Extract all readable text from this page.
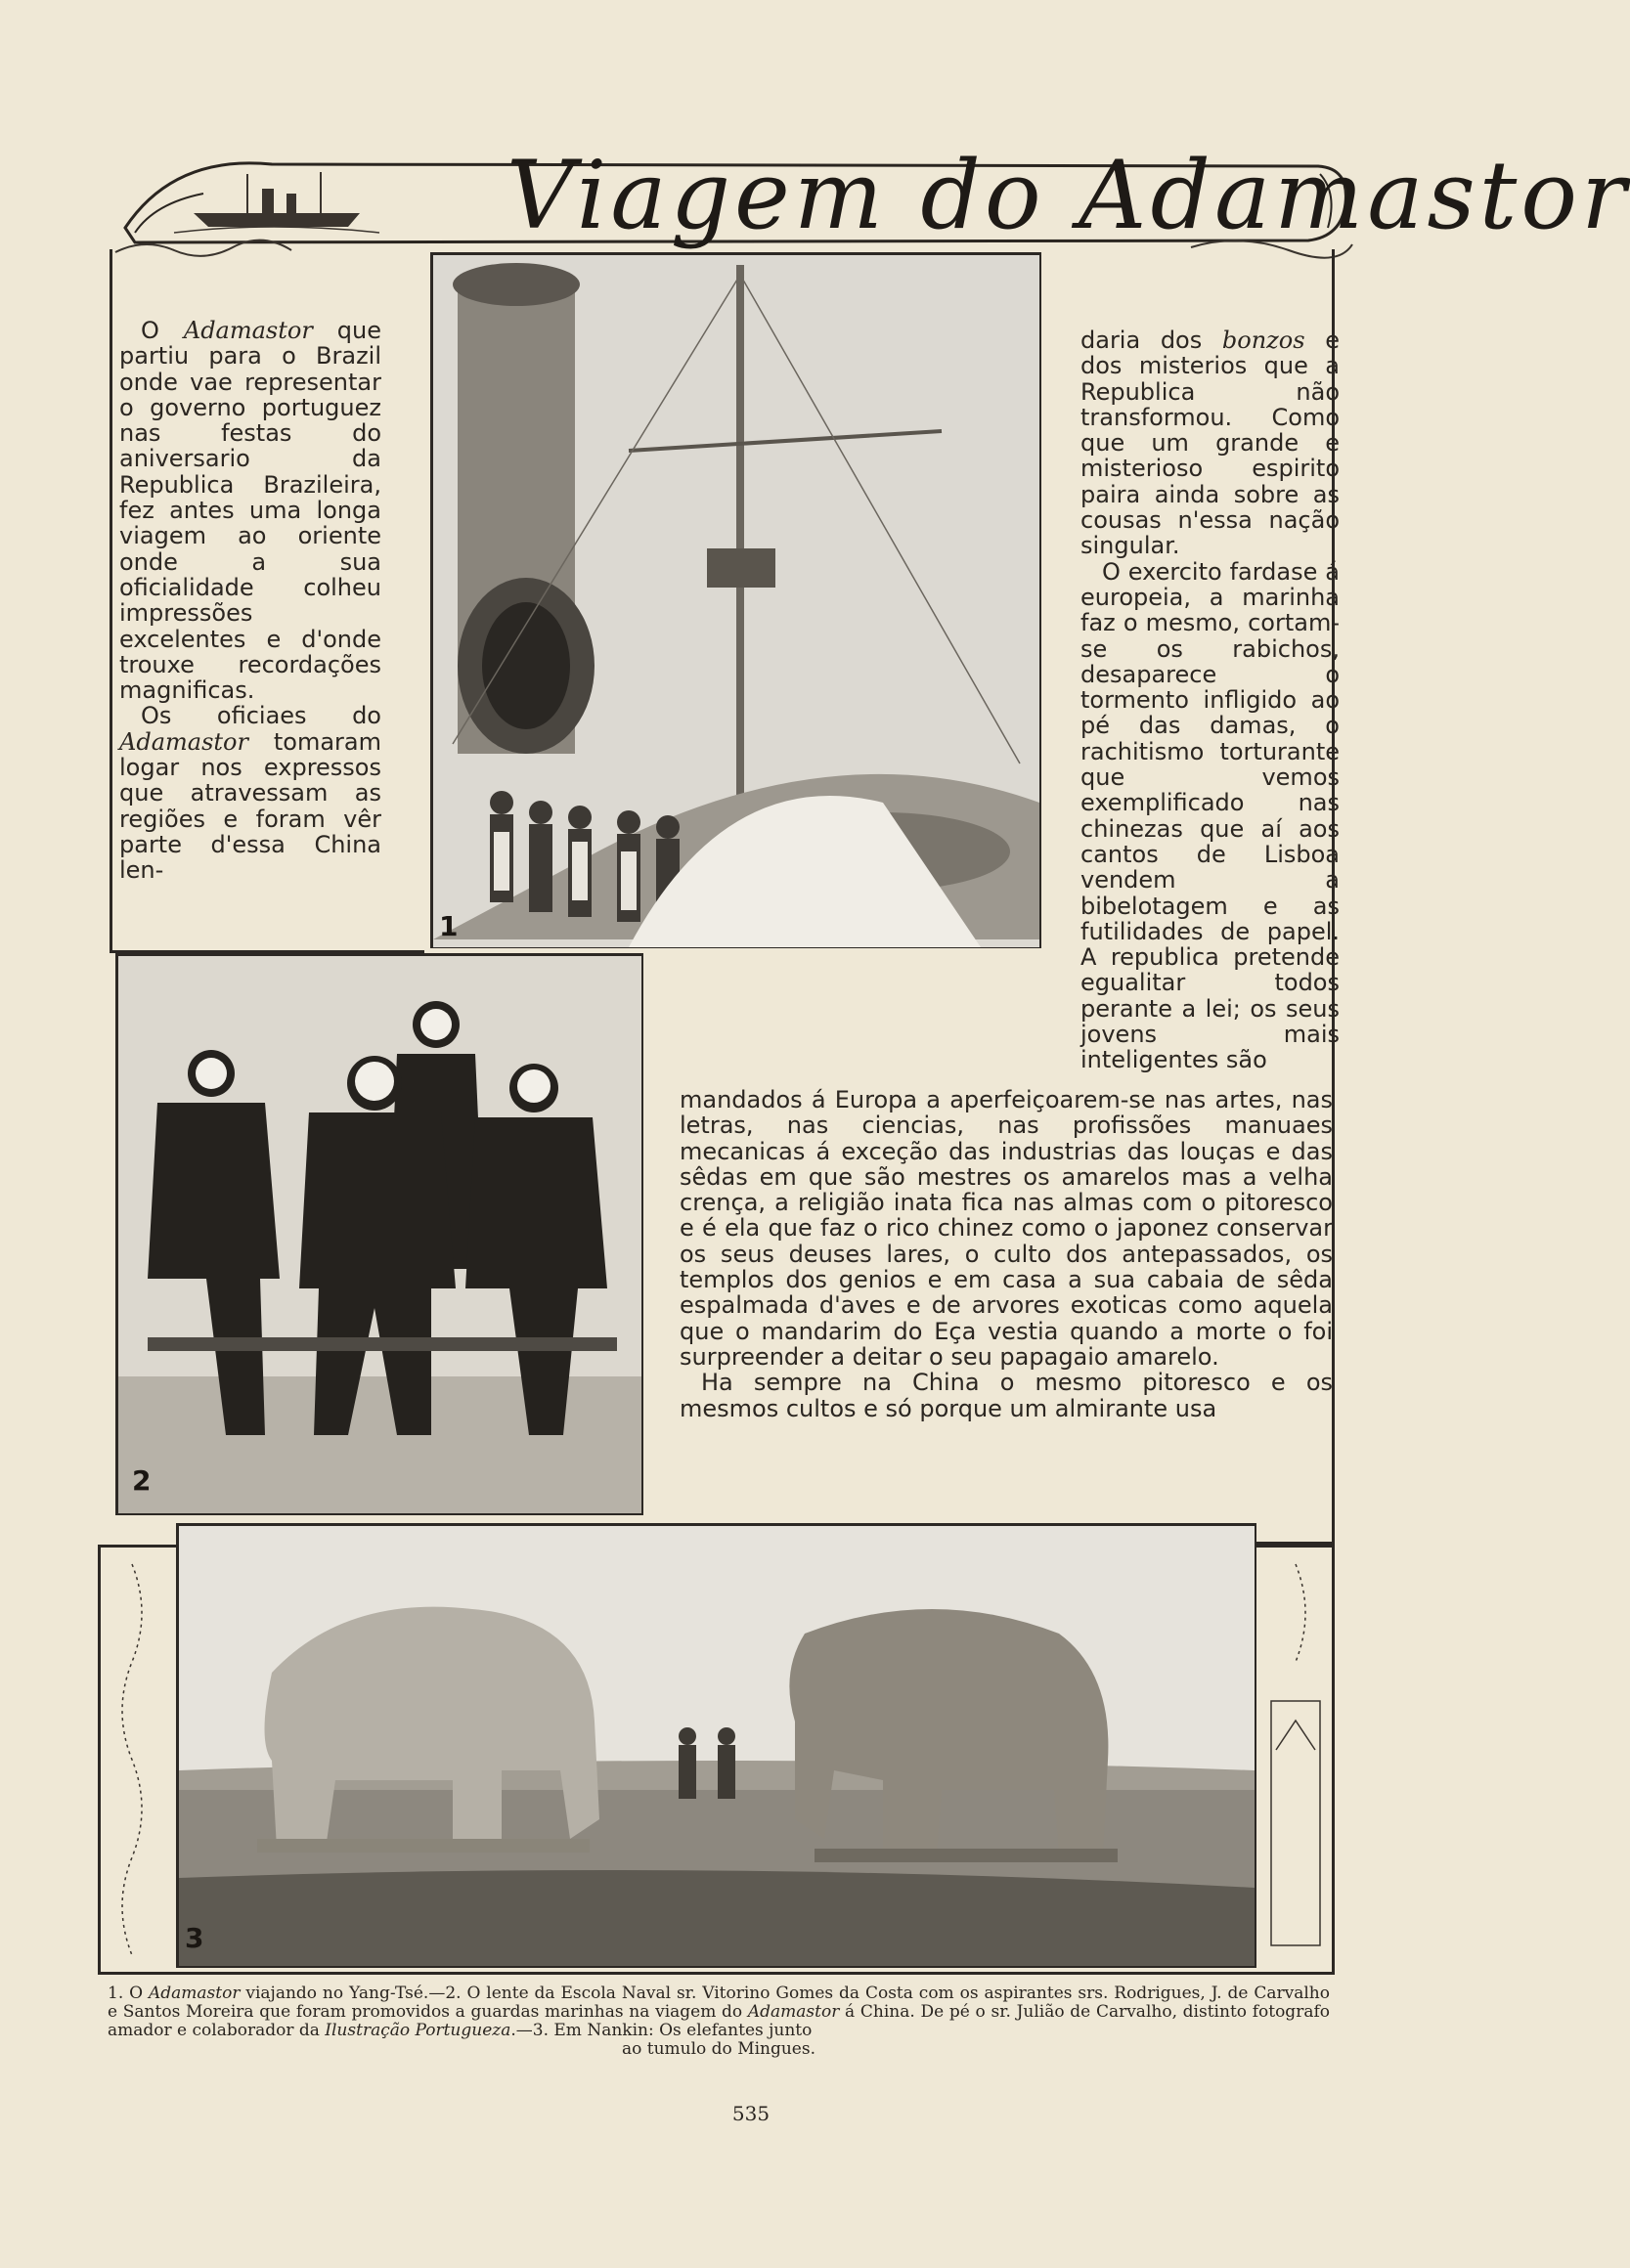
Viagem do Adamastor

O Adamastor que partiu para o Brazil onde vae representar o governo portuguez nas festas do aniversario da Republica Brazileira, fez antes uma longa viagem ao oriente onde a sua oficialidade colheu impressões excelentes e d'onde trouxe recordações magnificas.

Os oficiaes do Adamastor tomaram logar nos expressos que atravessam as regiões e foram vêr parte d'essa China len-

1

daria dos bonzos e dos misterios que a Republica não transformou. Como que um grande e misterioso espirito paira ainda sobre as cousas n'essa nação singular.

O exercito fardase á europeia, a marinha faz o mesmo, cortam-se os rabichos, desaparece o tormento infligido ao pé das damas, o rachitismo torturante que vemos exemplificado nas chinezas que aí aos cantos de Lisboa vendem a bibelotagem e as futilidades de papel. A republica pretende egualitar todos perante a lei; os seus jovens mais inteligentes são

2

mandados á Europa a aperfeiçoarem-se nas artes, nas letras, nas ciencias, nas profissões manuaes mecanicas á exceção das industrias das louças e das sêdas em que são mestres os amarelos mas a velha crença, a religião inata fica nas almas com o pitoresco e é ela que faz o rico chinez como o japonez conservar os seus deuses lares, o culto dos antepassados, os templos dos genios e em casa a sua cabaia de sêda espalmada d'aves e de arvores exoticas como aquela que o mandarim do Eça vestia quando a morte o foi surpreender a deitar o seu papagaio amarelo.

Ha sempre na China o mesmo pitoresco e os mesmos cultos e só porque um almirante usa

3
1. O Adamastor viajando no Yang-Tsé.—2. O lente da Escola Naval sr. Vitorino Gomes da Costa com os aspirantes srs. Rodrigues, J. de Carvalho e Santos Moreira que foram promovidos a guardas marinhas na viagem do Adamastor á China. De pé o sr. Julião de Carvalho, distinto fotografo amador e colaborador da Ilustração Portugueza.—3. Em Nankin: Os elefantes junto
ao tumulo do Mingues.
535
